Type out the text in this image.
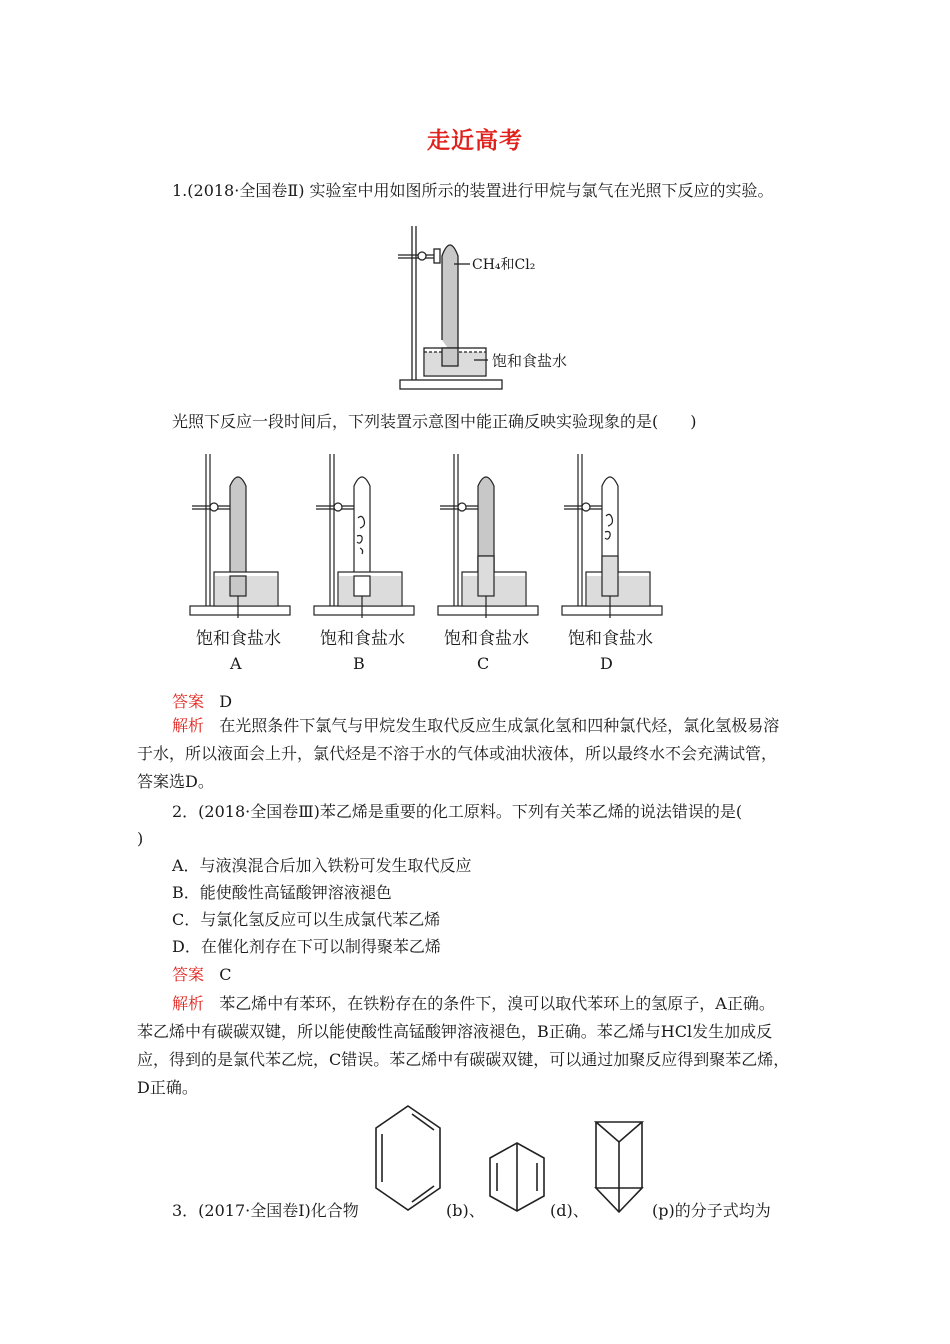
走近高考
1.(2018·全国卷Ⅱ) 实验室中用如图所示的装置进行甲烷与氯气在光照下反应的实验。
CH₄和Cl₂
饱和食盐水
光照下反应一段时间后，下列装置示意图中能正确反映实验现象的是(　　)
饱和食盐水 饱和食盐水 饱和食盐水 饱和食盐水
A	B	C	D
答案 D
解析 在光照条件下氯气与甲烷发生取代反应生成氯化氢和四种氯代烃，氯化氢极易溶
于水，所以液面会上升，氯代烃是不溶于水的气体或油状液体，所以最终水不会充满试管，
答案选D。
2．(2018·全国卷Ⅲ)苯乙烯是重要的化工原料。下列有关苯乙烯的说法错误的是(
)
A．与液溴混合后加入铁粉可发生取代反应
B．能使酸性高锰酸钾溶液褪色
C．与氯化氢反应可以生成氯代苯乙烯
D．在催化剂存在下可以制得聚苯乙烯
答案 C
解析 苯乙烯中有苯环，在铁粉存在的条件下，溴可以取代苯环上的氢原子，A正确。
苯乙烯中有碳碳双键，所以能使酸性高锰酸钾溶液褪色，B正确。苯乙烯与HCl发生加成反
应，得到的是氯代苯乙烷，C错误。苯乙烯中有碳碳双键，可以通过加聚反应得到聚苯乙烯，
D正确。
3．(2017·全国卷Ⅰ)化合物	(b)、	(d)、	(p)的分子式均为
